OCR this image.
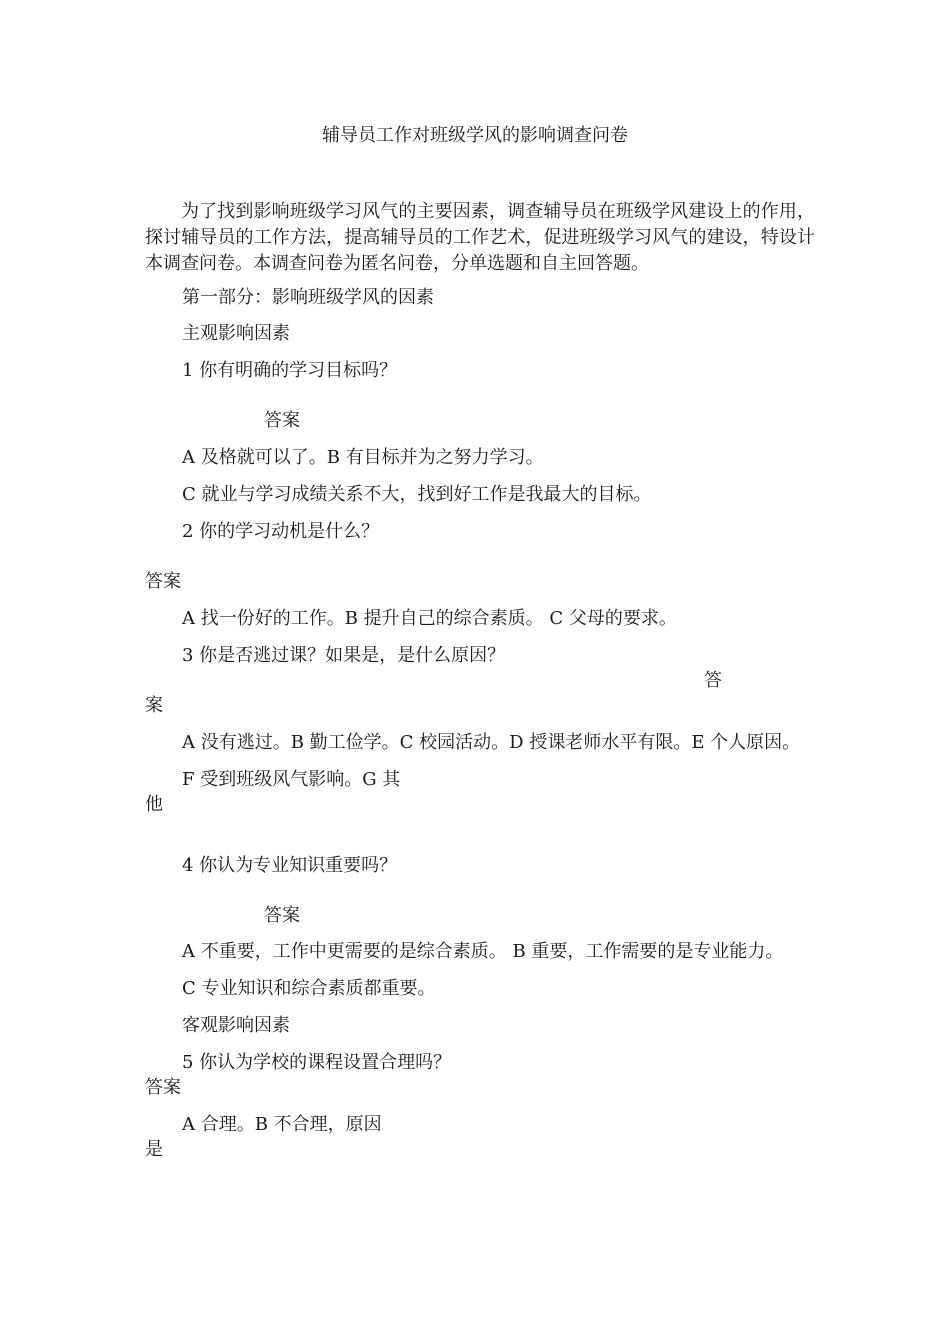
辅导员工作对班级学风的影响调查问卷
为了找到影响班级学习风气的主要因素，调查辅导员在班级学风建设上的作用，探讨辅导员的工作方法，提高辅导员的工作艺术，促进班级学习风气的建设，特设计本调查问卷。本调查问卷为匿名问卷，分单选题和自主回答题。
第一部分：影响班级学风的因素
主观影响因素
1 你有明确的学习目标吗？
答案
A 及格就可以了。B 有目标并为之努力学习。
C 就业与学习成绩关系不大，找到好工作是我最大的目标。
2 你的学习动机是什么？
答案
A 找一份好的工作。B 提升自己的综合素质。 C 父母的要求。
3 你是否逃过课？如果是，是什么原因？
答
案
A 没有逃过。B 勤工俭学。C 校园活动。D 授课老师水平有限。E 个人原因。
F 受到班级风气影响。G 其
他
4 你认为专业知识重要吗？
答案
A 不重要，工作中更需要的是综合素质。 B 重要，工作需要的是专业能力。
C 专业知识和综合素质都重要。
客观影响因素
5 你认为学校的课程设置合理吗？
答案
A 合理。B 不合理，原因
是
